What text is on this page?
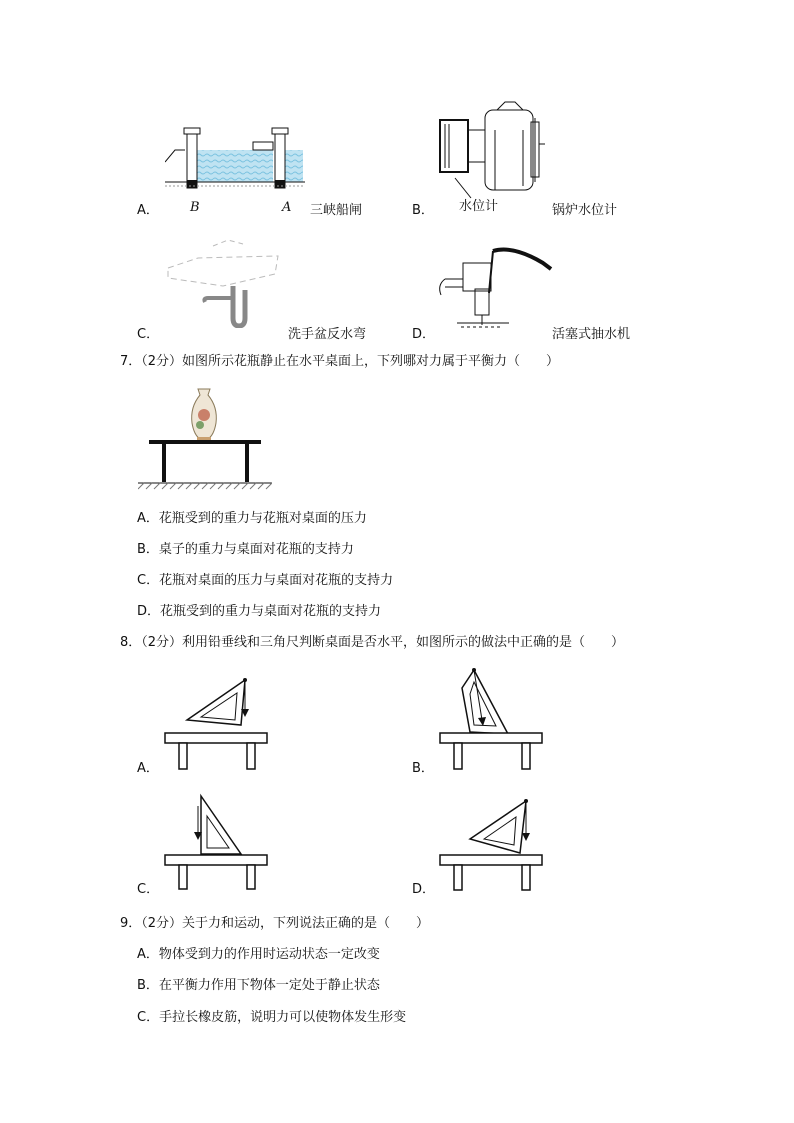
A． B	A 三峡船闸	B． 水位计	锅炉水位计
C．	洗手盆反水弯	D．	活塞式抽水机
7．（2分）如图所示花瓶静止在水平桌面上，下列哪对力属于平衡力（　　）
A．花瓶受到的重力与花瓶对桌面的压力
B．桌子的重力与桌面对花瓶的支持力
C．花瓶对桌面的压力与桌面对花瓶的支持力
D．花瓶受到的重力与桌面对花瓶的支持力
8．（2分）利用铅垂线和三角尺判断桌面是否水平，如图所示的做法中正确的是（　　）
A．	B．
C．	D．
9．（2分）关于力和运动，下列说法正确的是（　　）
A．物体受到力的作用时运动状态一定改变
B．在平衡力作用下物体一定处于静止状态
C．手拉长橡皮筋，说明力可以使物体发生形变
